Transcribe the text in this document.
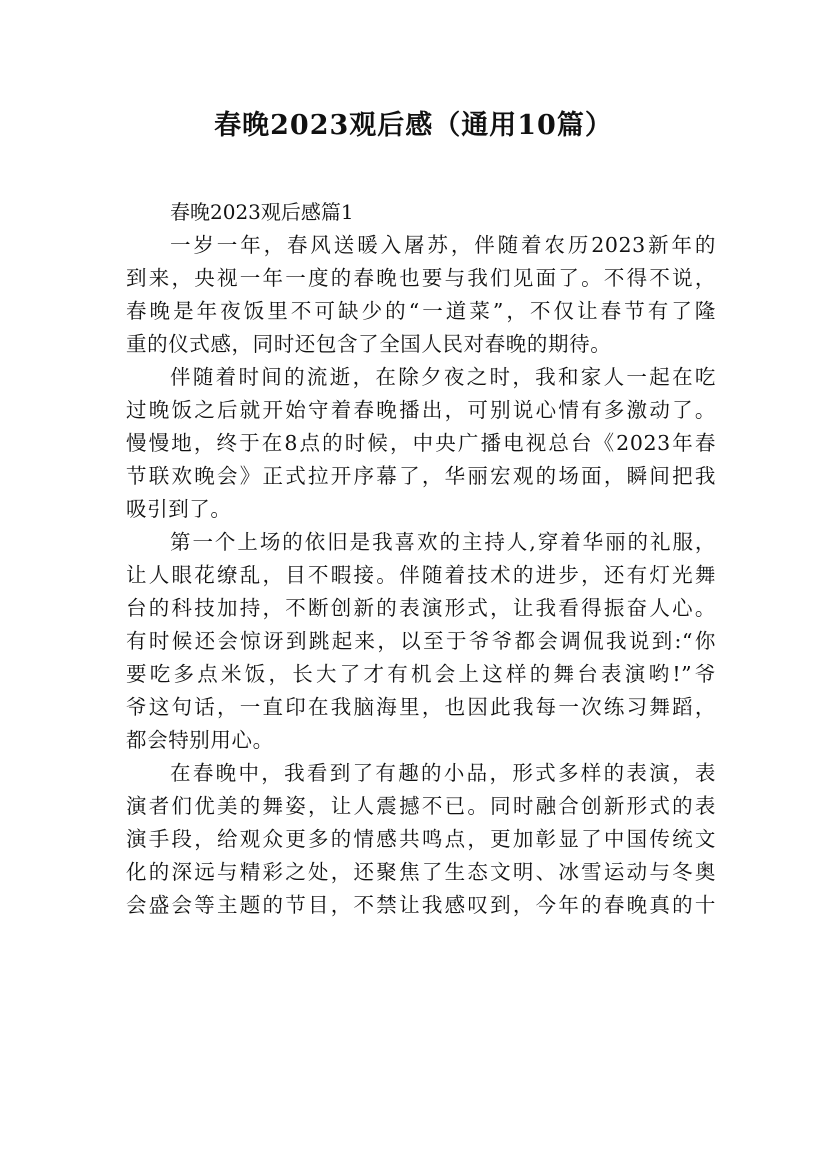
春晚2023观后感（通用10篇）
春晚2023观后感篇1
一岁一年，春风送暖入屠苏，伴随着农历2023新年的
到来，央视一年一度的春晚也要与我们见面了。不得不说，
春晚是年夜饭里不可缺少的“一道菜”，不仅让春节有了隆
重的仪式感，同时还包含了全国人民对春晚的期待。
伴随着时间的流逝，在除夕夜之时，我和家人一起在吃
过晚饭之后就开始守着春晚播出，可别说心情有多激动了。
慢慢地，终于在8点的时候，中央广播电视总台《2023年春
节联欢晚会》正式拉开序幕了，华丽宏观的场面，瞬间把我
吸引到了。
第一个上场的依旧是我喜欢的主持人,穿着华丽的礼服，
让人眼花缭乱，目不暇接。伴随着技术的进步，还有灯光舞
台的科技加持，不断创新的表演形式，让我看得振奋人心。
有时候还会惊讶到跳起来，以至于爷爷都会调侃我说到:“你
要吃多点米饭，长大了才有机会上这样的舞台表演哟!”爷
爷这句话，一直印在我脑海里，也因此我每一次练习舞蹈，
都会特别用心。
在春晚中，我看到了有趣的小品，形式多样的表演，表
演者们优美的舞姿，让人震撼不已。同时融合创新形式的表
演手段，给观众更多的情感共鸣点，更加彰显了中国传统文
化的深远与精彩之处，还聚焦了生态文明、冰雪运动与冬奥
会盛会等主题的节目，不禁让我感叹到，今年的春晚真的十
